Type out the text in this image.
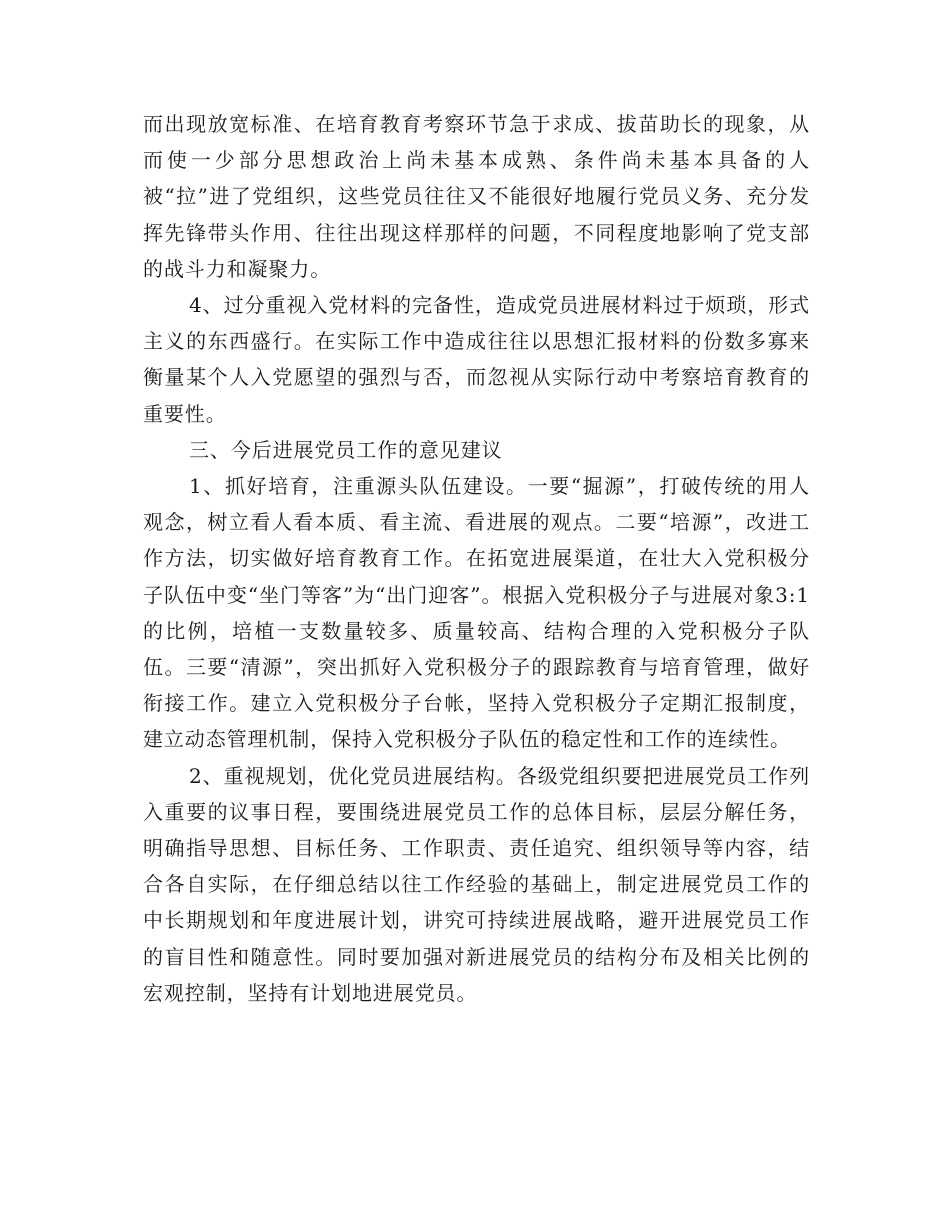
而出现放宽标准、在培育教育考察环节急于求成、拔苗助长的现象，从而使一少部分思想政治上尚未基本成熟、条件尚未基本具备的人被“拉”进了党组织，这些党员往往又不能很好地履行党员义务、充分发挥先锋带头作用、往往出现这样那样的问题，不同程度地影响了党支部的战斗力和凝聚力。

4、过分重视入党材料的完备性，造成党员进展材料过于烦琐，形式主义的东西盛行。在实际工作中造成往往以思想汇报材料的份数多寡来衡量某个人入党愿望的强烈与否，而忽视从实际行动中考察培育教育的重要性。

三、今后进展党员工作的意见建议

1、抓好培育，注重源头队伍建设。一要“掘源”，打破传统的用人观念，树立看人看本质、看主流、看进展的观点。二要“培源”，改进工作方法，切实做好培育教育工作。在拓宽进展渠道，在壮大入党积极分子队伍中变“坐门等客”为“出门迎客”。根据入党积极分子与进展对象3:1的比例，培植一支数量较多、质量较高、结构合理的入党积极分子队伍。三要“清源”，突出抓好入党积极分子的跟踪教育与培育管理，做好衔接工作。建立入党积极分子台帐，坚持入党积极分子定期汇报制度，建立动态管理机制，保持入党积极分子队伍的稳定性和工作的连续性。

2、重视规划，优化党员进展结构。各级党组织要把进展党员工作列入重要的议事日程，要围绕进展党员工作的总体目标，层层分解任务，明确指导思想、目标任务、工作职责、责任追究、组织领导等内容，结合各自实际，在仔细总结以往工作经验的基础上，制定进展党员工作的中长期规划和年度进展计划，讲究可持续进展战略，避开进展党员工作的盲目性和随意性。同时要加强对新进展党员的结构分布及相关比例的宏观控制，坚持有计划地进展党员。
